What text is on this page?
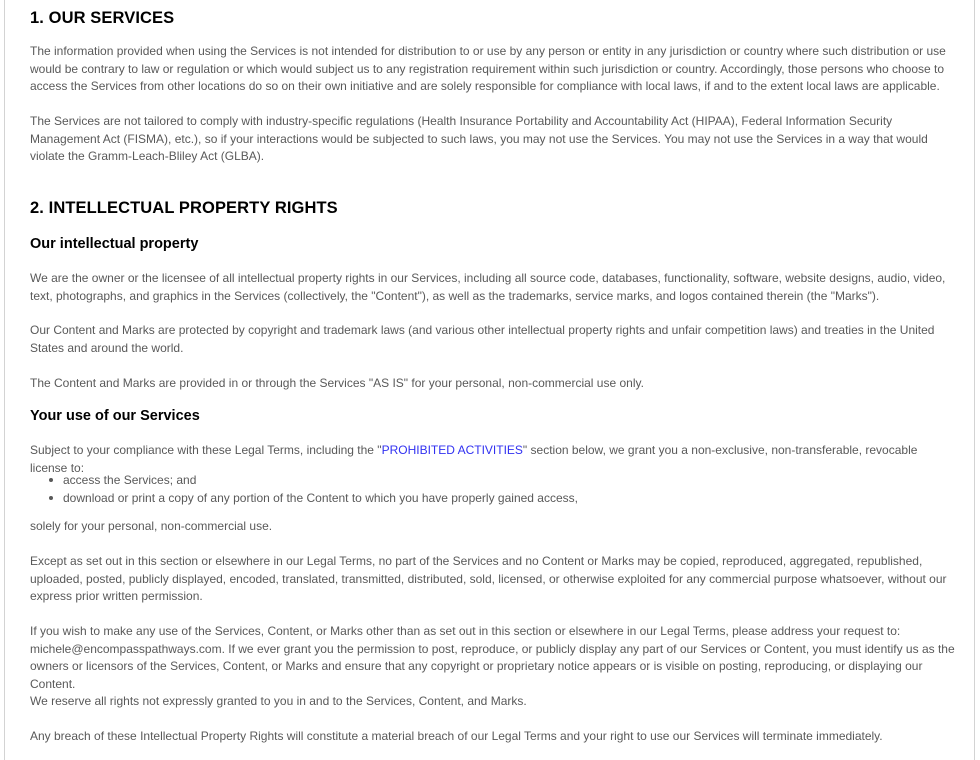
1. OUR SERVICES

The information provided when using the Services is not intended for distribution to or use by any person or entity in any jurisdiction or country where such distribution or use would be contrary to law or regulation or which would subject us to any registration requirement within such jurisdiction or country. Accordingly, those persons who choose to access the Services from other locations do so on their own initiative and are solely responsible for compliance with local laws, if and to the extent local laws are applicable.

The Services are not tailored to comply with industry-specific regulations (Health Insurance Portability and Accountability Act (HIPAA), Federal Information Security Management Act (FISMA), etc.), so if your interactions would be subjected to such laws, you may not use the Services. You may not use the Services in a way that would violate the Gramm-Leach-Bliley Act (GLBA).

2. INTELLECTUAL PROPERTY RIGHTS
Our intellectual property

We are the owner or the licensee of all intellectual property rights in our Services, including all source code, databases, functionality, software, website designs, audio, video, text, photographs, and graphics in the Services (collectively, the "Content"), as well as the trademarks, service marks, and logos contained therein (the "Marks").

Our Content and Marks are protected by copyright and trademark laws (and various other intellectual property rights and unfair competition laws) and treaties in the United States and around the world.

The Content and Marks are provided in or through the Services "AS IS" for your personal, non-commercial use only.

Your use of our Services

Subject to your compliance with these Legal Terms, including the "PROHIBITED ACTIVITIES" section below, we grant you a non-exclusive, non-transferable, revocable license to:

access the Services; and
download or print a copy of any portion of the Content to which you have properly gained access,

solely for your personal, non-commercial use.

Except as set out in this section or elsewhere in our Legal Terms, no part of the Services and no Content or Marks may be copied, reproduced, aggregated, republished, uploaded, posted, publicly displayed, encoded, translated, transmitted, distributed, sold, licensed, or otherwise exploited for any commercial purpose whatsoever, without our express prior written permission.

If you wish to make any use of the Services, Content, or Marks other than as set out in this section or elsewhere in our Legal Terms, please address your request to: michele@encompasspathways.com. If we ever grant you the permission to post, reproduce, or publicly display any part of our Services or Content, you must identify us as the owners or licensors of the Services, Content, or Marks and ensure that any copyright or proprietary notice appears or is visible on posting, reproducing, or displaying our Content.

We reserve all rights not expressly granted to you in and to the Services, Content, and Marks.

Any breach of these Intellectual Property Rights will constitute a material breach of our Legal Terms and your right to use our Services will terminate immediately.
